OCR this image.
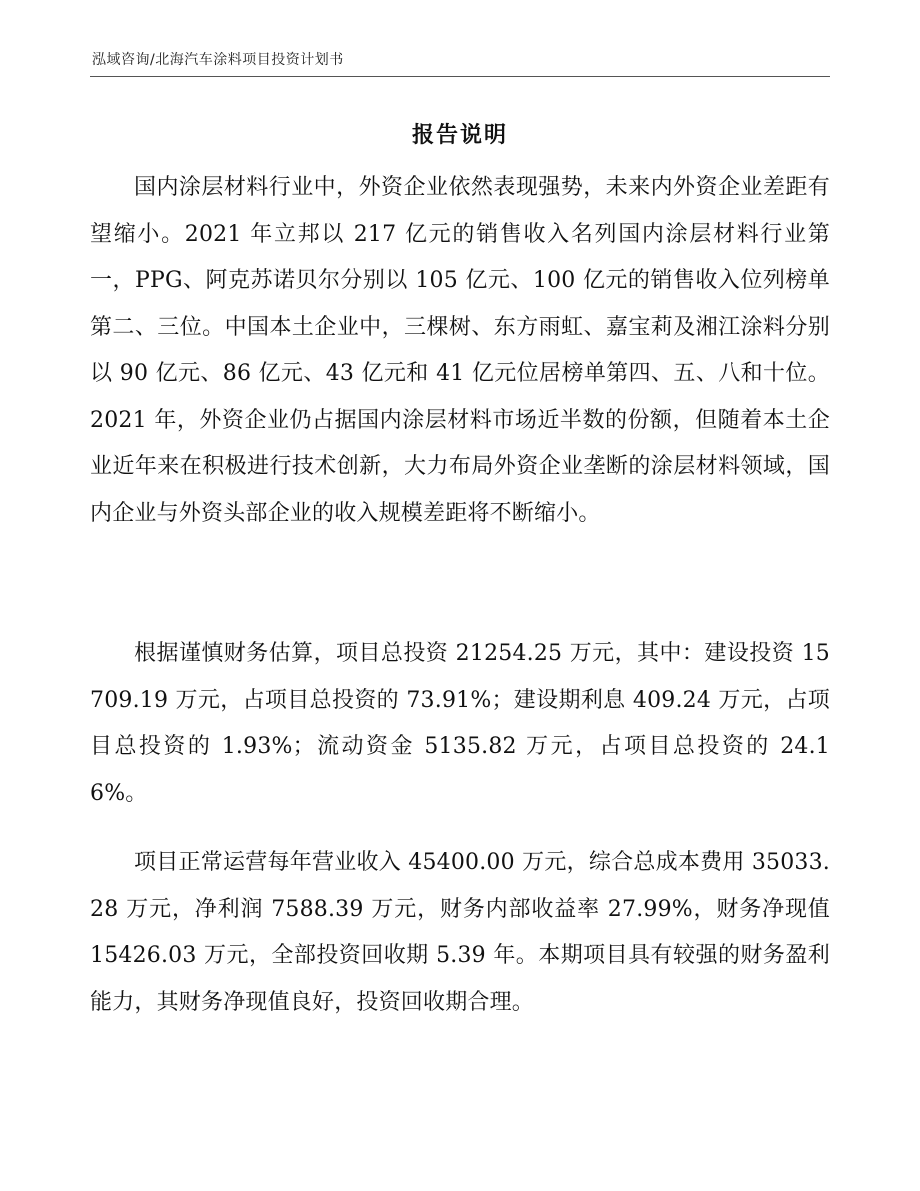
泓域咨询/北海汽车涂料项目投资计划书
报告说明

国内涂层材料行业中，外资企业依然表现强势，未来内外资企业差距有望缩小。2021 年立邦以 217 亿元的销售收入名列国内涂层材料行业第一，PPG、阿克苏诺贝尔分别以 105 亿元、100 亿元的销售收入位列榜单第二、三位。中国本土企业中，三棵树、东方雨虹、嘉宝莉及湘江涂料分别以 90 亿元、86 亿元、43 亿元和 41 亿元位居榜单第四、五、八和十位。2021 年，外资企业仍占据国内涂层材料市场近半数的份额，但随着本土企业近年来在积极进行技术创新，大力布局外资企业垄断的涂层材料领域，国内企业与外资头部企业的收入规模差距将不断缩小。

根据谨慎财务估算，项目总投资 21254.25 万元，其中：建设投资 15709.19 万元，占项目总投资的 73.91%；建设期利息 409.24 万元，占项目总投资的 1.93%；流动资金 5135.82 万元，占项目总投资的 24.16%。

项目正常运营每年营业收入 45400.00 万元，综合总成本费用 35033.28 万元，净利润 7588.39 万元，财务内部收益率 27.99%，财务净现值 15426.03 万元，全部投资回收期 5.39 年。本期项目具有较强的财务盈利能力，其财务净现值良好，投资回收期合理。
